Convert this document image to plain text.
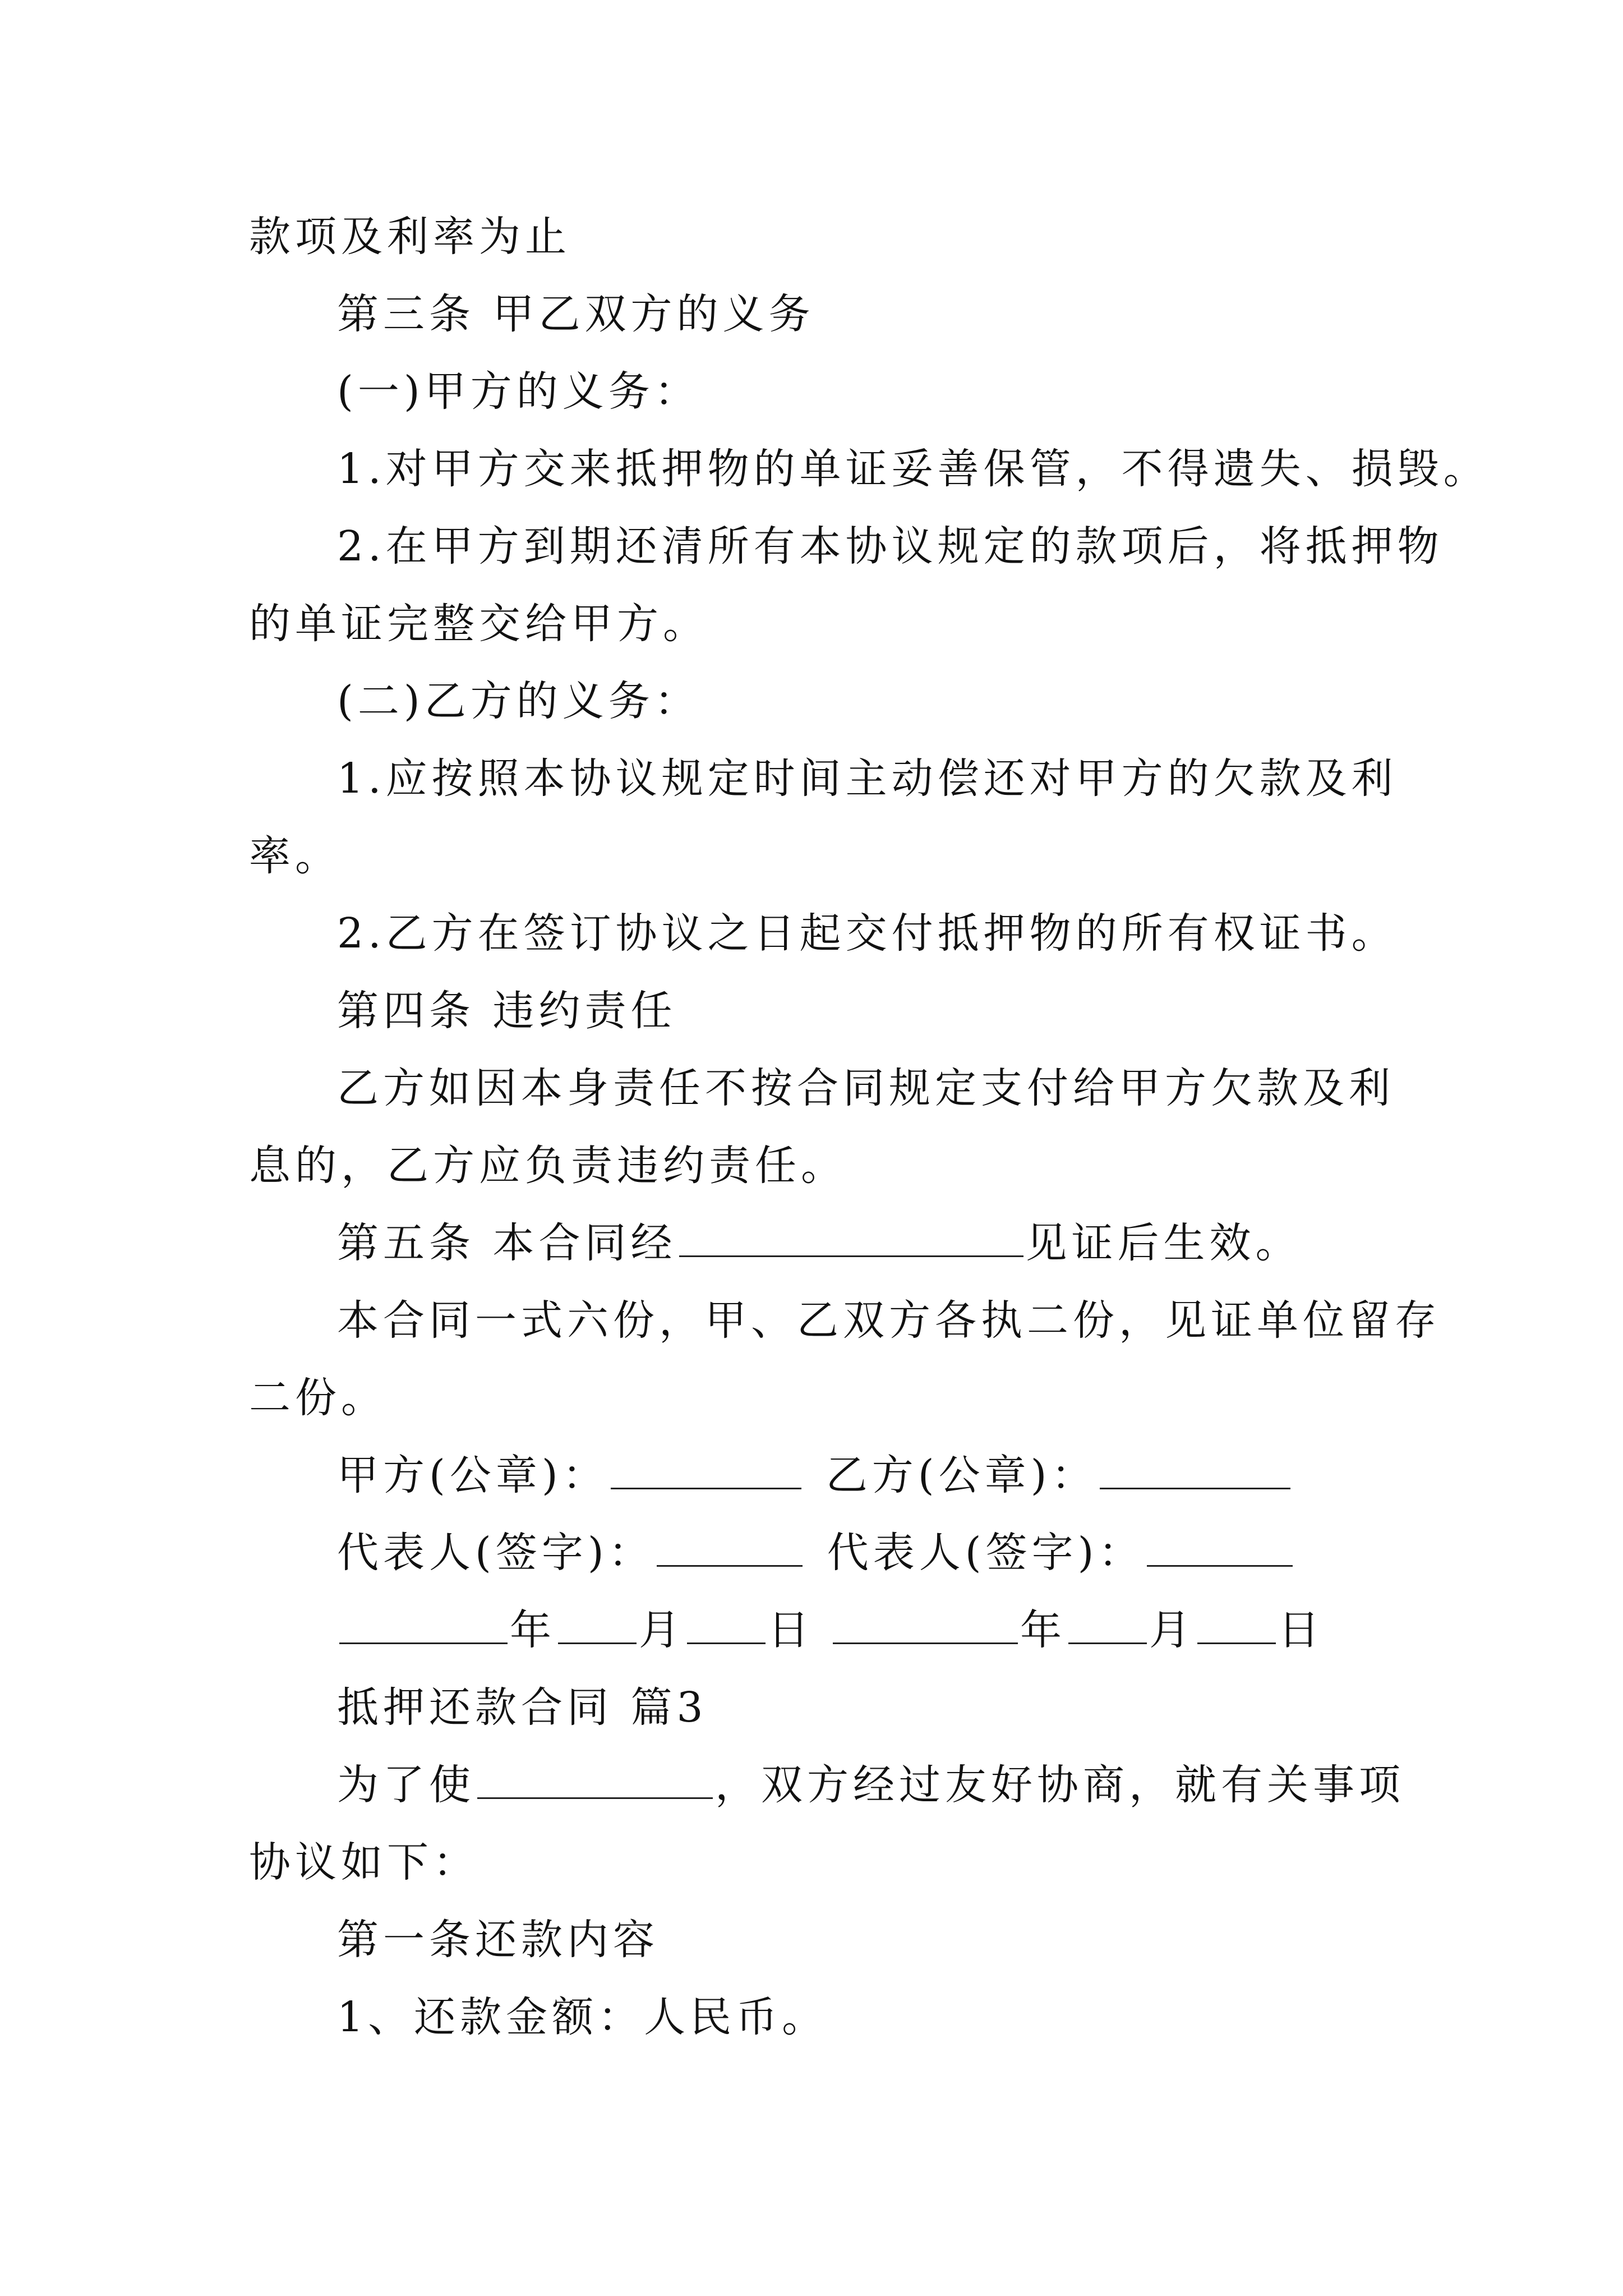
款项及利率为止
第三条 甲乙双方的义务
(一)甲方的义务：
1.对甲方交来抵押物的单证妥善保管，不得遗失、损毁。
2.在甲方到期还清所有本协议规定的款项后，将抵押物
的单证完整交给甲方。
(二)乙方的义务：
1.应按照本协议规定时间主动偿还对甲方的欠款及利
率。
2.乙方在签订协议之日起交付抵押物的所有权证书。
第四条 违约责任
乙方如因本身责任不按合同规定支付给甲方欠款及利
息的，乙方应负责违约责任。
第五条 本合同经	见证后生效。
本合同一式六份，甲、乙双方各执二份，见证单位留存
二份。
甲方(公章)：	乙方(公章)：
代表人(签字)：	代表人(签字)：
年 月 日	年 月 日
抵押还款合同 篇3
为了使	，双方经过友好协商，就有关事项
协议如下：
第一条还款内容
1、还款金额：人民币。
